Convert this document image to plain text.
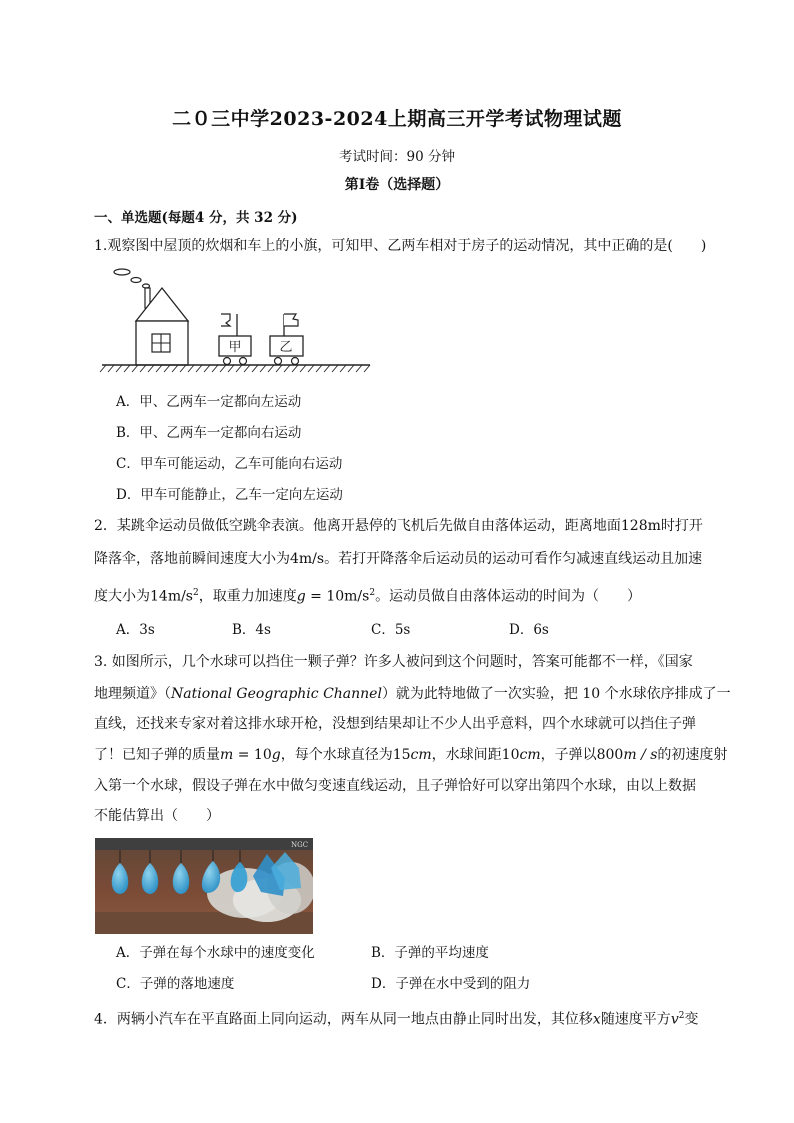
二０三中学2023-2024上期高三开学考试物理试题
考试时间：90 分钟
第Ⅰ卷（选择题）
一、单选题(每题4 分，共 32 分)
1.观察图中屋顶的炊烟和车上的小旗，可知甲、乙两车相对于房子的运动情况，其中正确的是(　　)
甲	乙
A．甲、乙两车一定都向左运动
B．甲、乙两车一定都向右运动
C．甲车可能运动，乙车可能向右运动
D．甲车可能静止，乙车一定向左运动
2．某跳伞运动员做低空跳伞表演。他离开悬停的飞机后先做自由落体运动，距离地面128m时打开
降落伞，落地前瞬间速度大小为4m/s。若打开降落伞后运动员的运动可看作匀减速直线运动且加速
度大小为$14m/s^2$，取重力加速度$g = 10m/s^2$。运动员做自由落体运动的时间为（　　）
A．3s	B．4s	C．5s	D．6s
3. 如图所示，几个水球可以挡住一颗子弹？许多人被问到这个问题时，答案可能都不一样，《国家
地理频道》（National Geographic Channel）就为此特地做了一次实验，把 10 个水球依序排成了一
直线，还找来专家对着这排水球开枪，没想到结果却让不少人出乎意料，四个水球就可以挡住子弹
了！已知子弹的质量m = 10g，每个水球直径为15cm，水球间距10cm，子弹以800m / s的初速度射
入第一个水球，假设子弹在水中做匀变速直线运动，且子弹恰好可以穿出第四个水球，由以上数据
不能估算出（　　）
NGC
A．子弹在每个水球中的速度变化	B．子弹的平均速度
C．子弹的落地速度	D．子弹在水中受到的阻力
4．两辆小汽车在平直路面上同向运动，两车从同一地点由静止同时出发，其位移x随速度平方$v^2$变
